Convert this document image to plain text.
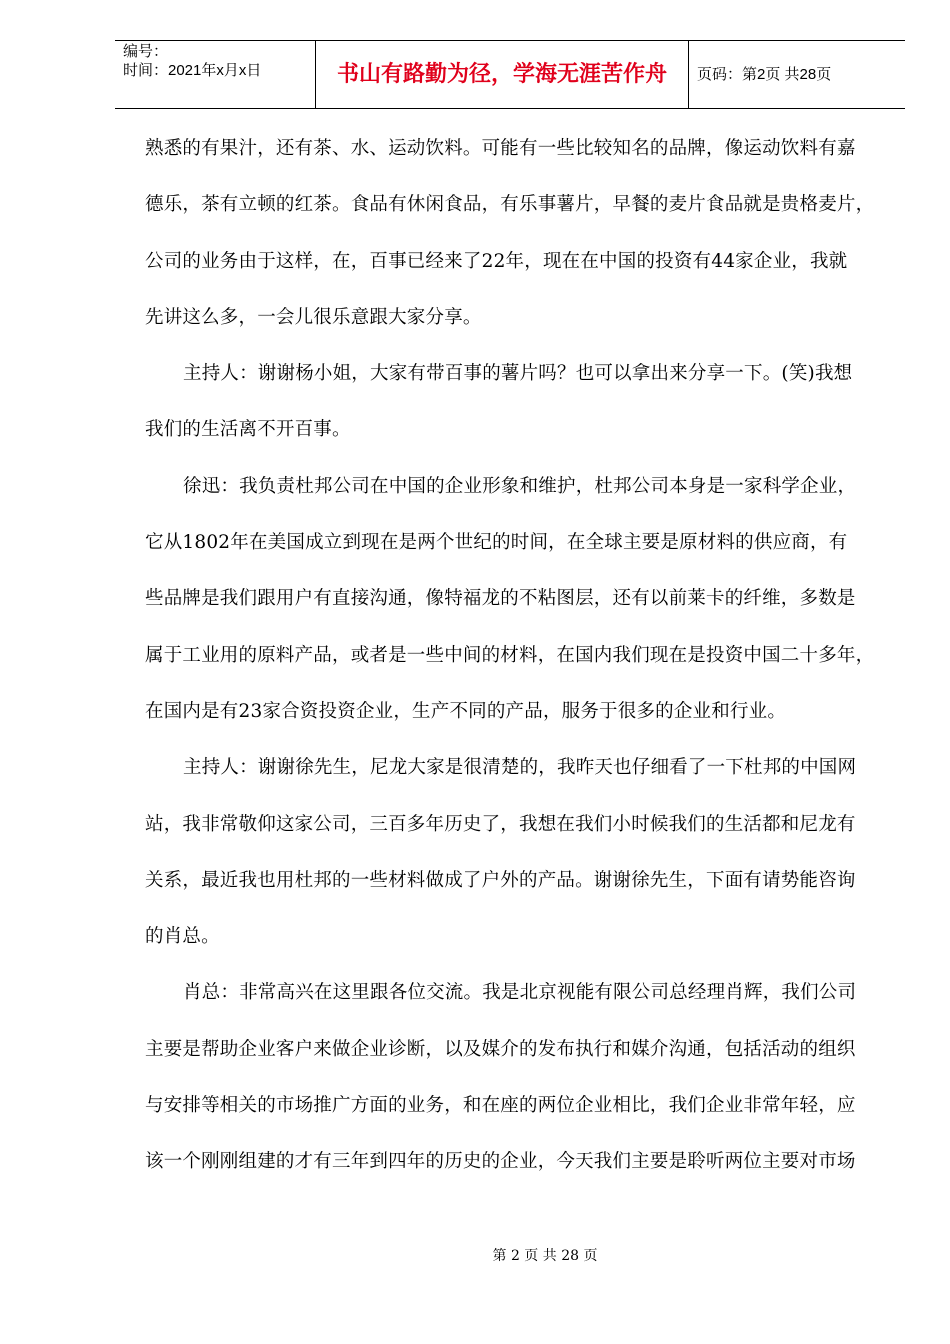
编号：
时间：2021年x月x日	书山有路勤为径，学海无涯苦作舟	页码：第2页 共28页
熟悉的有果汁，还有茶、水、运动饮料。可能有一些比较知名的品牌，像运动饮料有嘉
德乐，茶有立顿的红茶。食品有休闲食品，有乐事薯片，早餐的麦片食品就是贵格麦片，
公司的业务由于这样，在，百事已经来了22年，现在在中国的投资有44家企业，我就
先讲这么多，一会儿很乐意跟大家分享。
主持人：谢谢杨小姐，大家有带百事的薯片吗？也可以拿出来分享一下。(笑)我想
我们的生活离不开百事。
徐迅：我负责杜邦公司在中国的企业形象和维护，杜邦公司本身是一家科学企业，
它从1802年在美国成立到现在是两个世纪的时间，在全球主要是原材料的供应商，有
些品牌是我们跟用户有直接沟通，像特福龙的不粘图层，还有以前莱卡的纤维，多数是
属于工业用的原料产品，或者是一些中间的材料，在国内我们现在是投资中国二十多年，
在国内是有23家合资投资企业，生产不同的产品，服务于很多的企业和行业。
主持人：谢谢徐先生，尼龙大家是很清楚的，我昨天也仔细看了一下杜邦的中国网
站，我非常敬仰这家公司，三百多年历史了，我想在我们小时候我们的生活都和尼龙有
关系，最近我也用杜邦的一些材料做成了户外的产品。谢谢徐先生，下面有请势能咨询
的肖总。
肖总：非常高兴在这里跟各位交流。我是北京视能有限公司总经理肖辉，我们公司
主要是帮助企业客户来做企业诊断，以及媒介的发布执行和媒介沟通，包括活动的组织
与安排等相关的市场推广方面的业务，和在座的两位企业相比，我们企业非常年轻，应
该一个刚刚组建的才有三年到四年的历史的企业，今天我们主要是聆听两位主要对市场
第 2 页 共 28 页
